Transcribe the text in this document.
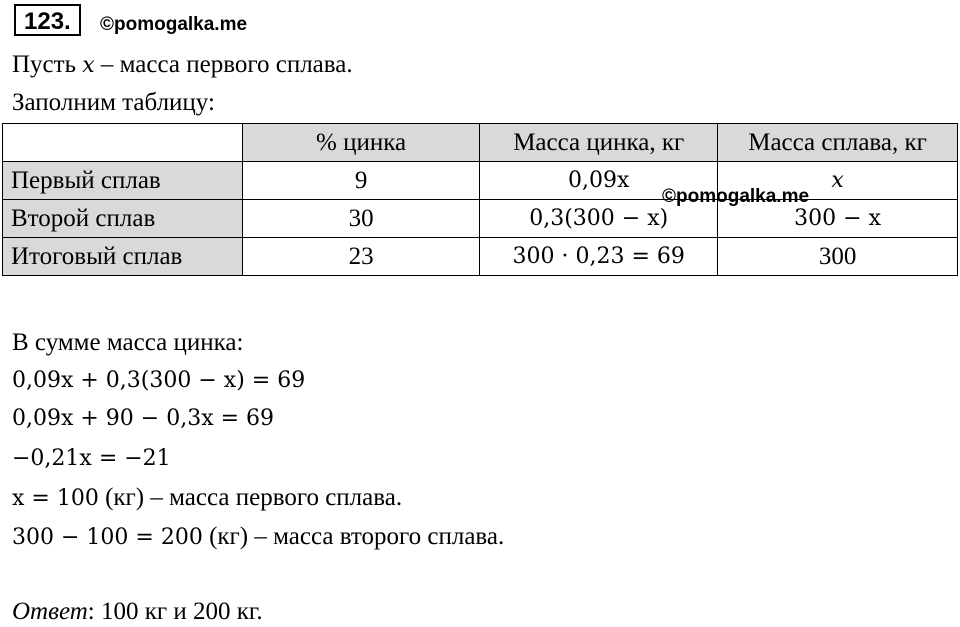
123.	©pomogalka.me
Пусть x – масса первого сплава.
Заполним таблицу:
	% цинка	Масса цинка, кг	Масса сплава, кг
Первый сплав	9	0,09x	x
Второй сплав	30	0,3(300 − x)	300 − x
Итоговый сплав	23	300 · 0,23 = 69	300
©pomogalka.me
В сумме масса цинка:
0,09x + 0,3(300 − x) = 69
0,09x + 90 − 0,3x = 69
−0,21x = −21
x = 100 (кг) – масса первого сплава.
300 − 100 = 200 (кг) – масса второго сплава.
Ответ: 100 кг и 200 кг.
